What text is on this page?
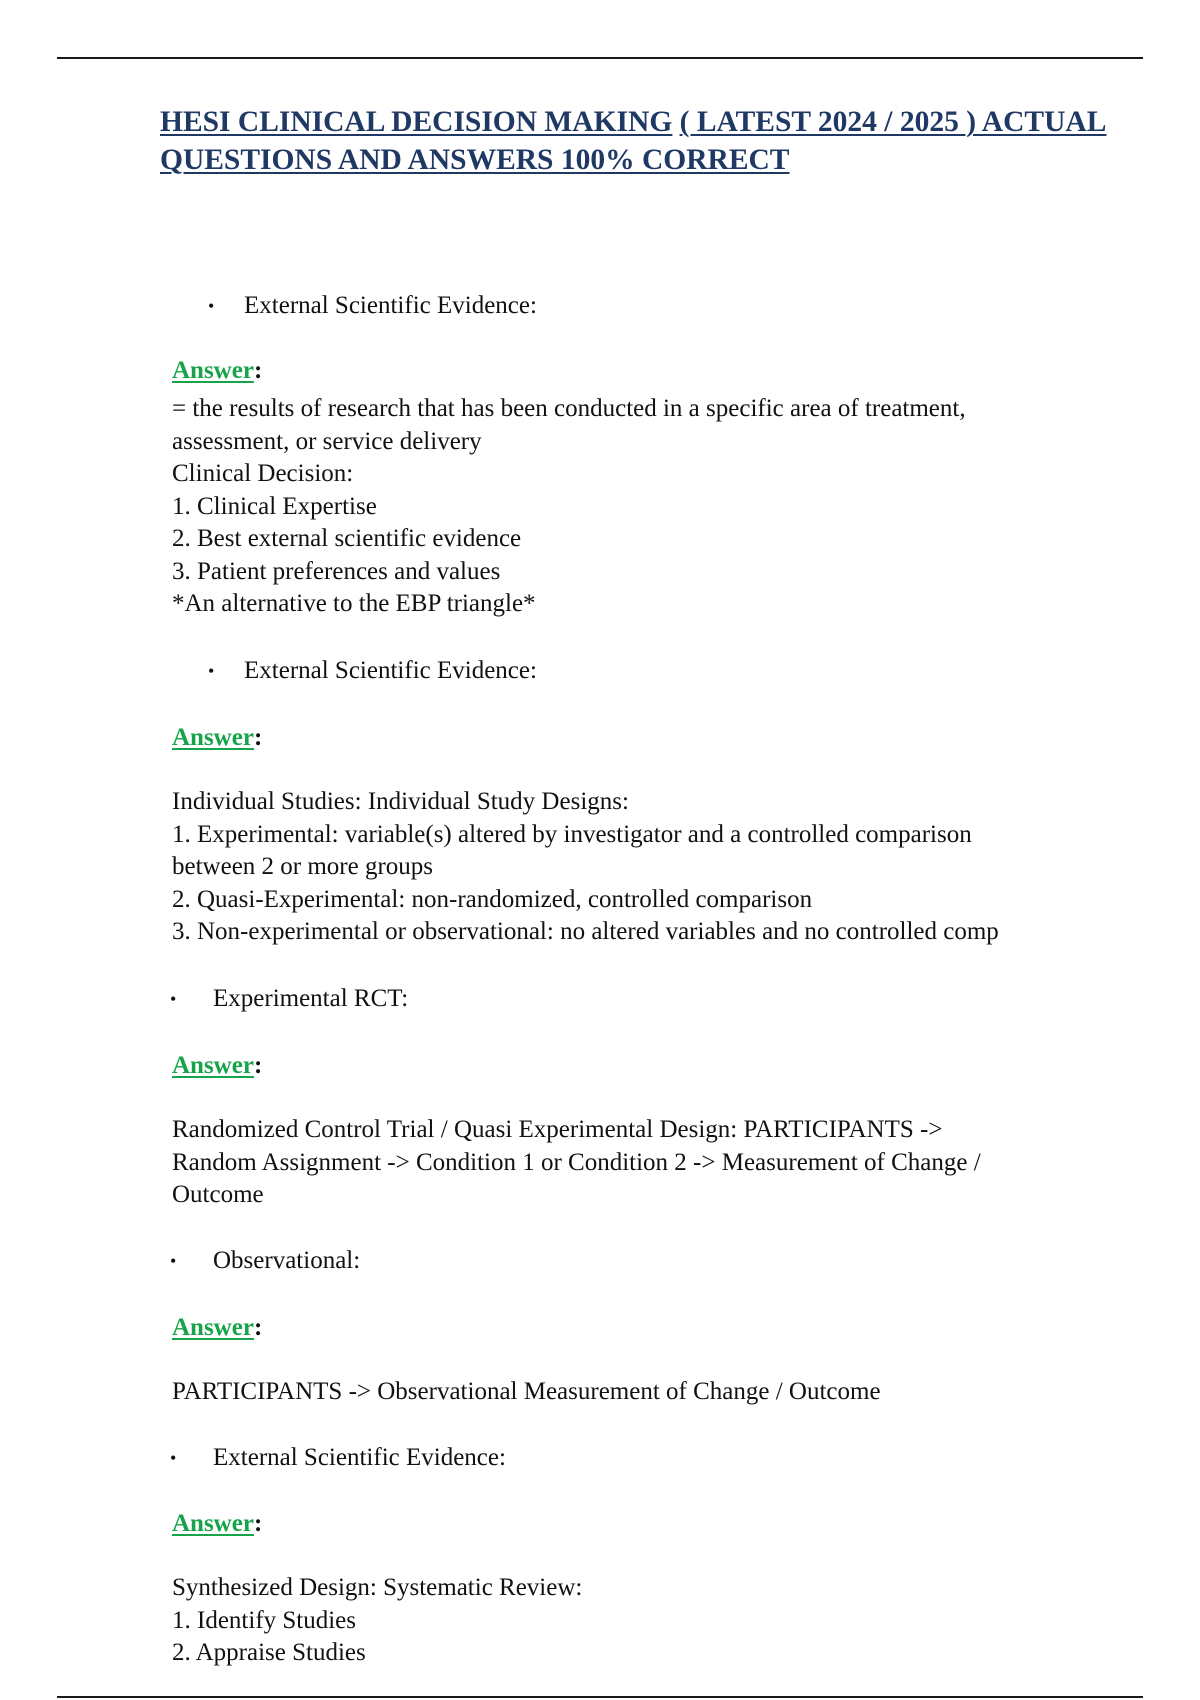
HESI CLINICAL DECISION MAKING ( LATEST 2024 / 2025 ) ACTUAL QUESTIONS AND ANSWERS 100% CORRECT
• External Scientific Evidence:
Answer:
= the results of research that has been conducted in a specific area of treatment,
assessment, or service delivery
Clinical Decision:
1. Clinical Expertise
2. Best external scientific evidence
3. Patient preferences and values
*An alternative to the EBP triangle*
• External Scientific Evidence:
Answer:
Individual Studies: Individual Study Designs:
1. Experimental: variable(s) altered by investigator and a controlled comparison
between 2 or more groups
2. Quasi-Experimental: non-randomized, controlled comparison
3. Non-experimental or observational: no altered variables and no controlled comp
• Experimental RCT:
Answer:
Randomized Control Trial / Quasi Experimental Design: PARTICIPANTS ->
Random Assignment -> Condition 1 or Condition 2 -> Measurement of Change /
Outcome
• Observational:
Answer:
PARTICIPANTS -> Observational Measurement of Change / Outcome
• External Scientific Evidence:
Answer:
Synthesized Design: Systematic Review:
1. Identify Studies
2. Appraise Studies
